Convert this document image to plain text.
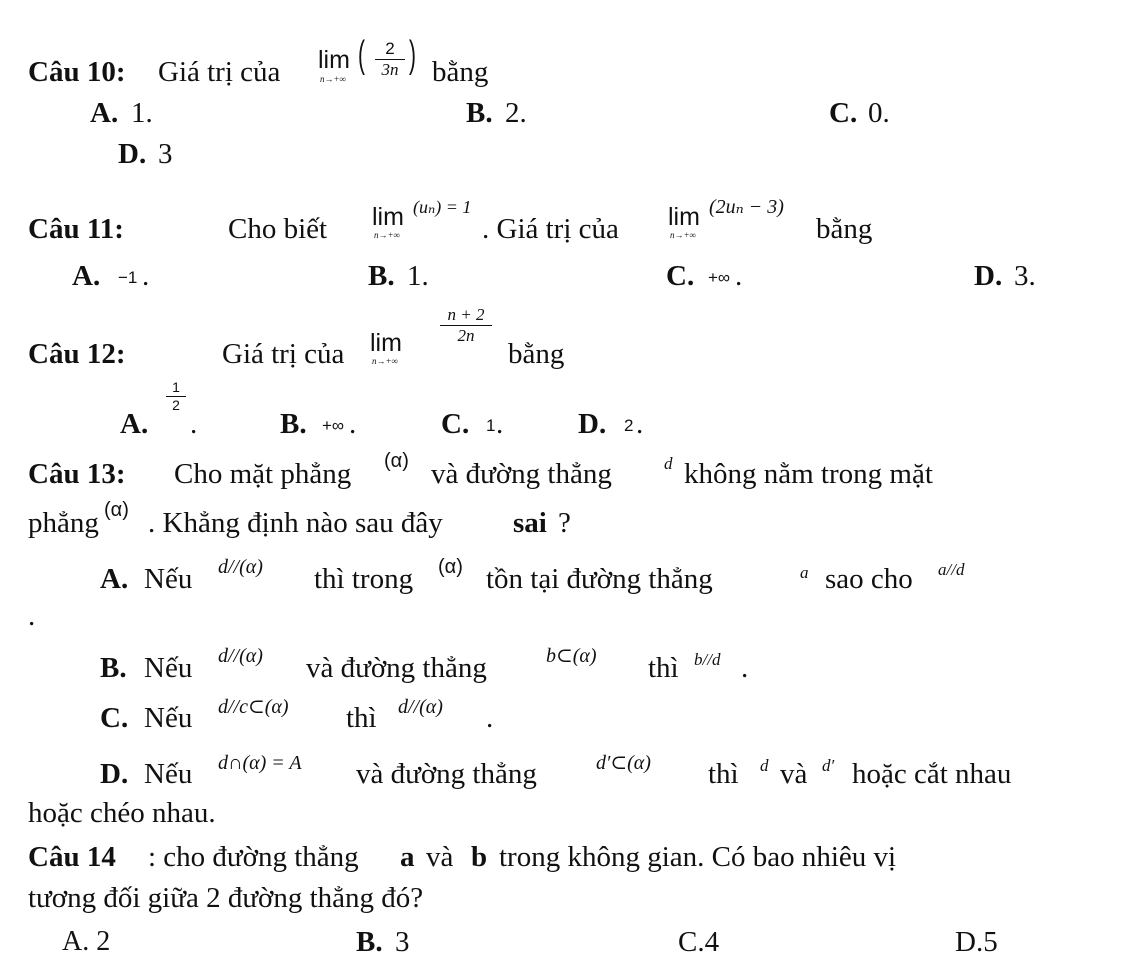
Câu 10: Giá trị của lim
n→+∞
(	2
3n ) bằng
A. 1.	B. 2.	C. 0.
D. 3
Câu 11:	Cho biết lim
n→+∞
(uₙ) = 1
. Giá trị của lim
n→+∞
(2uₙ − 3)
bằng
A. −1 .	B. 1.	C. +∞ .	D. 3.
Câu 12:	Giá trị của lim
n→+∞
n + 2
2n
bằng
A.
1
2
.	B. +∞ .	C. 1 .	D. 2 .
Câu 13: Cho mặt phẳng (α) và đường thẳng	d không nằm trong mặt
phẳng (α) . Khẳng định nào sau đây sai ?
A. Nếu d//(α) thì trong (α) tồn tại đường thẳng	a sao cho a//d
.
B. Nếu d//(α) và đường thẳng	b⊂(α) thì b//d .
C. Nếu d//c⊂(α) thì d//(α) .
D. Nếu d∩(α) = A và đường thẳng	d′⊂(α) thì d và d′ hoặc cắt nhau
hoặc chéo nhau.
Câu 14 : cho đường thẳng a và b trong không gian. Có bao nhiêu vị
tương đối giữa 2 đường thẳng đó?
A. 2	B. 3	C.4	D.5
